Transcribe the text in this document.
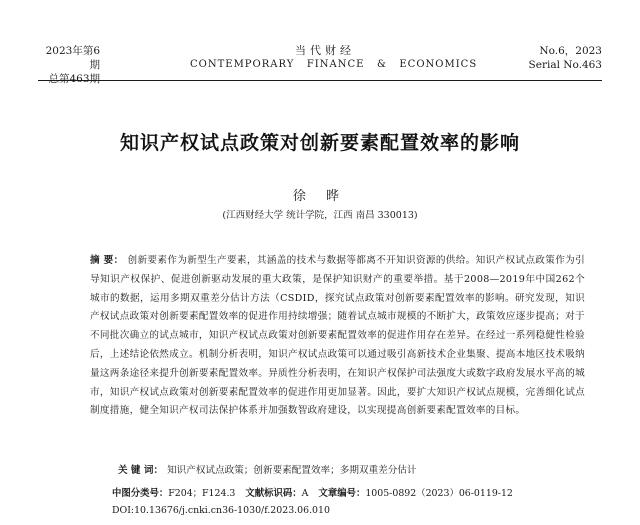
2023年第6期
总第463期
当代财经
CONTEMPORARY   FINANCE   &   ECONOMICS
No.6，2023
Serial No.463
知识产权试点政策对创新要素配置效率的影响
徐 晔
(江西财经大学 统计学院，江西 南昌 330013)
摘 要： 创新要素作为新型生产要素，其涵盖的技术与数据等都离不开知识资源的供给。知识产权试点政策作为引导知识产权保护、促进创新驱动发展的重大政策，是保护知识财产的重要举措。基于2008—2019年中国262个城市的数据，运用多期双重差分估计方法（CSDID，探究试点政策对创新要素配置效率的影响。研究发现，知识产权试点政策对创新要素配置效率的促进作用持续增强；随着试点城市规模的不断扩大，政策效应逐步提高；对于不同批次确立的试点城市，知识产权试点政策对创新要素配置效率的促进作用存在差异。在经过一系列稳健性检验后，上述结论依然成立。机制分析表明，知识产权试点政策可以通过吸引高新技术企业集聚、提高本地区技术吸纳量这两条途径来提升创新要素配置效率。异质性分析表明，在知识产权保护司法强度大或数字政府发展水平高的城市，知识产权试点政策对创新要素配置效率的促进作用更加显著。因此，要扩大知识产权试点规模，完善细化试点制度措施，健全知识产权司法保护体系并加强数智政府建设，以实现提高创新要素配置效率的目标。
关 键 词： 知识产权试点政策；创新要素配置效率；多期双重差分估计
中图分类号：F204；F124.3 文献标识码：A 文章编号：1005-0892（2023）06-0119-12
DOI:10.13676/j.cnki.cn36-1030/f.2023.06.010
